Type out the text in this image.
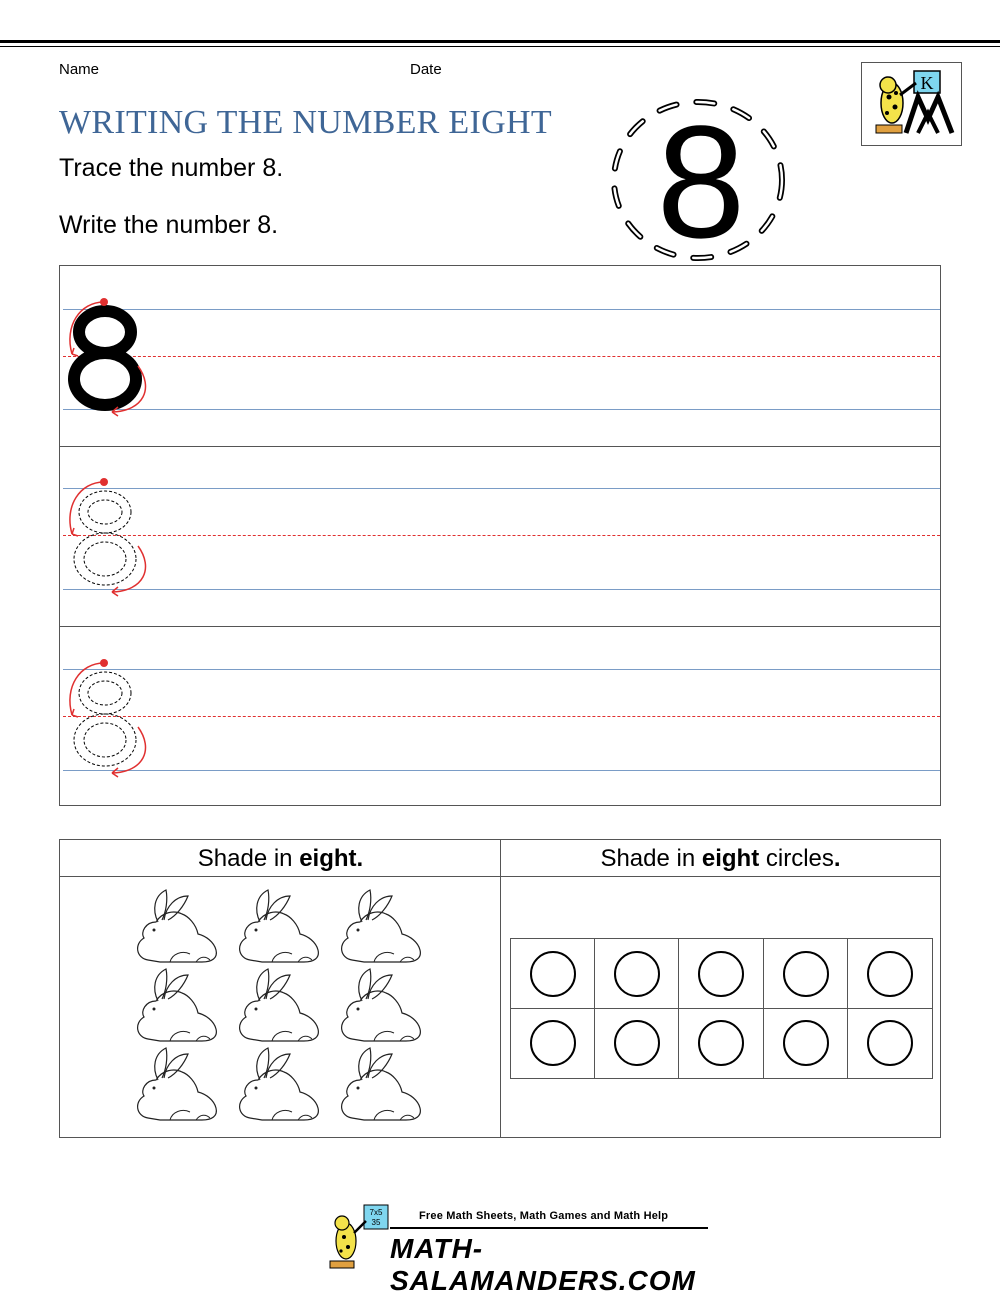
Name	Date
WRITING THE NUMBER EIGHT
Trace the number 8.
Write the number 8.	8
K
Shade in eight.	Shade in eight circles.
7x5
35
Free Math Sheets, Math Games and Math Help
MATH-SALAMANDERS.COM
